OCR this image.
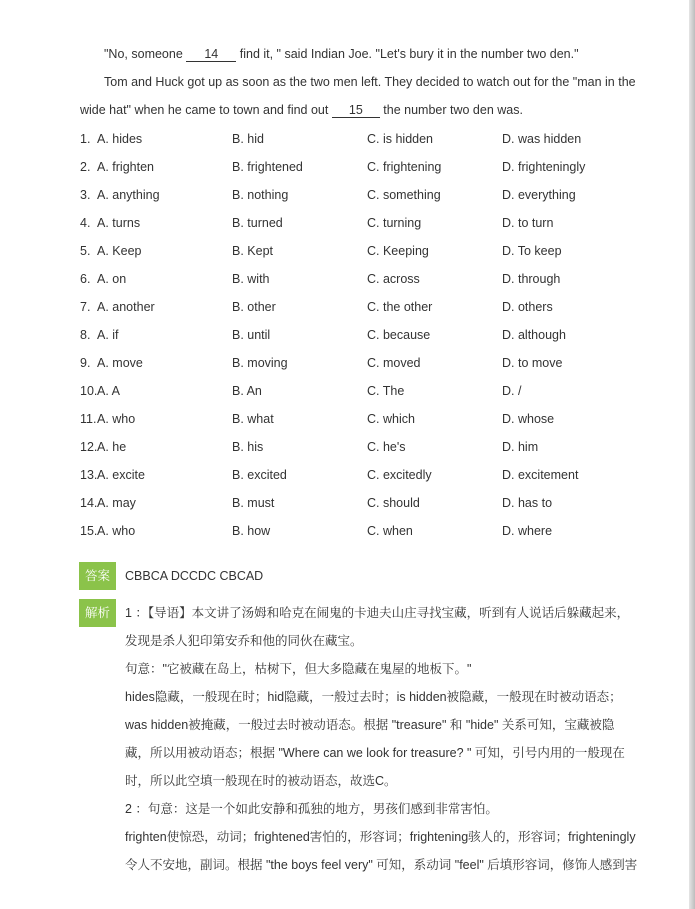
"No, someone 14 find it, " said Indian Joe. "Let's bury it in the number two den."
Tom and Huck got up as soon as the two men left. They decided to watch out for the "man in the
wide hat" when he came to town and find out 15 the number two den was.
1. A. hides	B. hid	C. is hidden	D. was hidden
2. A. frighten	B. frightened	C. frightening	D. frighteningly
3. A. anything	B. nothing	C. something	D. everything
4. A. turns	B. turned	C. turning	D. to turn
5. A. Keep	B. Kept	C. Keeping	D. To keep
6. A. on	B. with	C. across	D. through
7. A. another	B. other	C. the other	D. others
8. A. if	B. until	C. because	D. although
9. A. move	B. moving	C. moved	D. to move
10. A. A	B. An	C. The	D. /
11. A. who	B. what	C. which	D. whose
12. A. he	B. his	C. he's	D. him
13. A. excite	B. excited	C. excitedly	D. excitement
14. A. may	B. must	C. should	D. has to
15. A. who	B. how	C. when	D. where
答案	CBBCA DCCDC CBCAD
解析	1 ：【导语】本文讲了汤姆和哈克在闹鬼的卡迪夫山庄寻找宝藏，听到有人说话后躲藏起来，
发现是杀人犯印第安乔和他的同伙在藏宝。
句意："它被藏在岛上，枯树下，但大多隐藏在鬼屋的地板下。"
hides隐藏，一般现在时；hid隐藏，一般过去时；is hidden被隐藏，一般现在时被动语态；
was hidden被掩藏，一般过去时被动语态。根据 "treasure" 和 "hide" 关系可知，宝藏被隐
藏，所以用被动语态；根据 "Where can we look for treasure? " 可知，引号内用的一般现在
时，所以此空填一般现在时的被动语态，故选C。
2 ：句意：这是一个如此安静和孤独的地方，男孩们感到非常害怕。
frighten使惊恐，动词；frightened害怕的，形容词；frightening骇人的，形容词；frighteningly
令人不安地，副词。根据 "the boys feel very" 可知，系动词 "feel" 后填形容词，修饰人感到害
